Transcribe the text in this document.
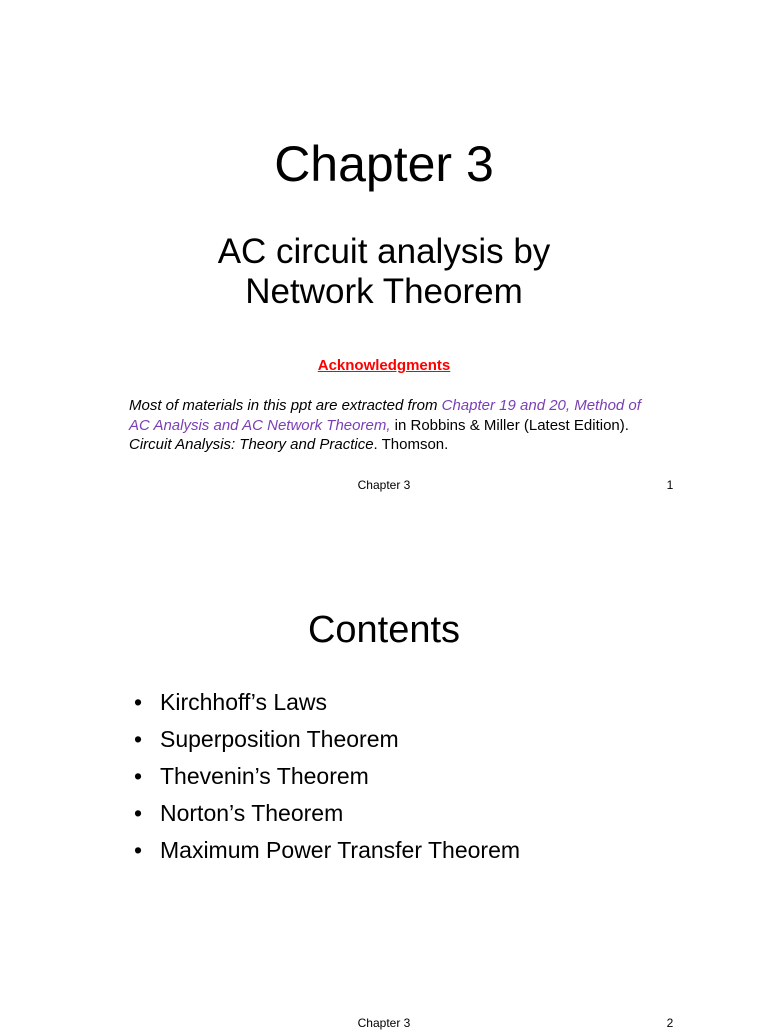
Chapter 3
AC circuit analysis by
Network Theorem
Acknowledgments
Most of materials in this ppt are extracted from Chapter 19 and 20, Method of AC Analysis and AC Network Theorem, in Robbins & Miller (Latest Edition). Circuit Analysis: Theory and Practice. Thomson.
Chapter 3	1
Contents
• Kirchhoff’s Laws
• Superposition Theorem
• Thevenin’s Theorem
• Norton’s Theorem
• Maximum Power Transfer Theorem
Chapter 3	2
